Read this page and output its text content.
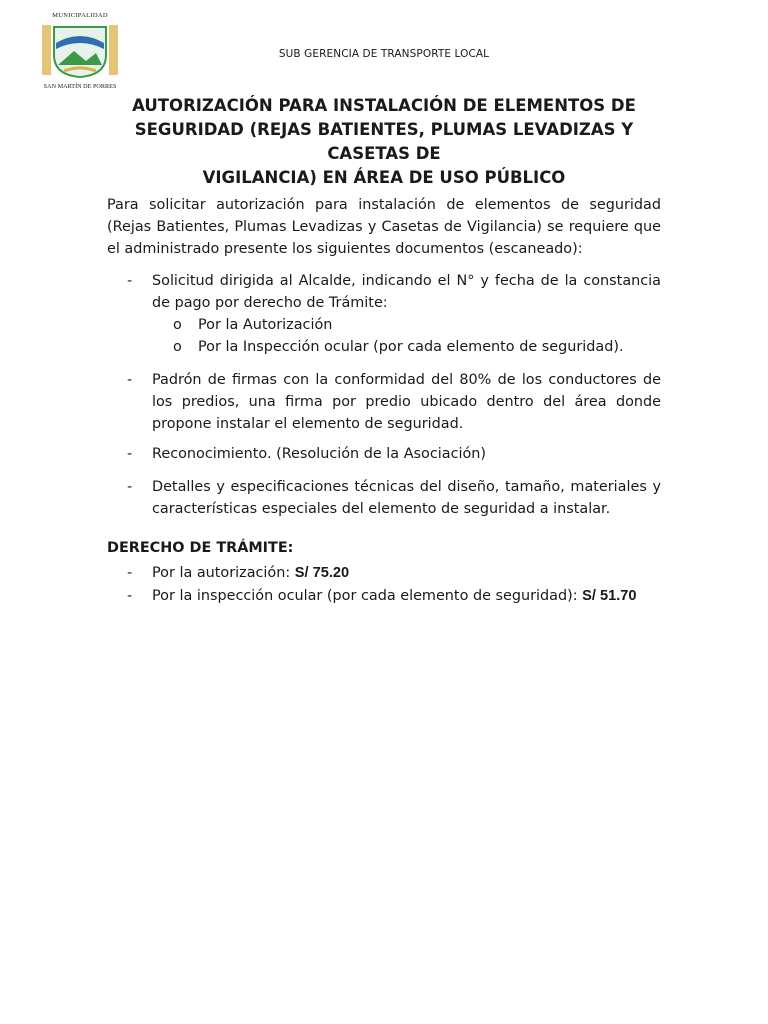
MUNICIPALIDAD
SAN MARTÍN DE PORRES
SUB GERENCIA DE TRANSPORTE LOCAL
AUTORIZACIÓN PARA INSTALACIÓN DE ELEMENTOS DE
SEGURIDAD (REJAS BATIENTES, PLUMAS LEVADIZAS Y CASETAS DE
VIGILANCIA) EN ÁREA DE USO PÚBLICO
Para solicitar autorización para instalación de elementos de seguridad (Rejas Batientes, Plumas Levadizas y Casetas de Vigilancia) se requiere que el administrado presente los siguientes documentos (escaneado):
- Solicitud dirigida al Alcalde, indicando el N° y fecha de la constancia de pago por derecho de Trámite:
o Por la Autorización
o Por la Inspección ocular (por cada elemento de seguridad).
- Padrón de firmas con la conformidad del 80% de los conductores de los predios, una firma por predio ubicado dentro del área donde propone instalar el elemento de seguridad.
- Reconocimiento. (Resolución de la Asociación)
- Detalles y especificaciones técnicas del diseño, tamaño, materiales y características especiales del elemento de seguridad a instalar.
DERECHO DE TRÁMITE:
- Por la autorización: S/ 75.20
- Por la inspección ocular (por cada elemento de seguridad): S/ 51.70
